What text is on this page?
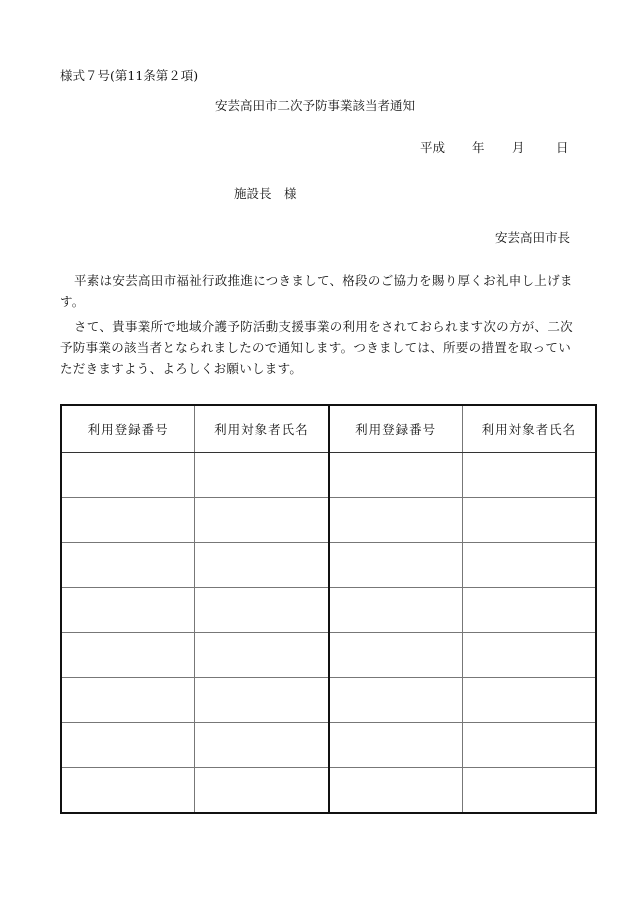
様式７号(第11条第２項)
安芸高田市二次予防事業該当者通知
平成 年 月	日
施設長　様
安芸高田市長
平素は安芸高田市福祉行政推進につきまして、格段のご協力を賜り厚くお礼申し上げます。
さて、貴事業所で地域介護予防活動支援事業の利用をされておられます次の方が、二次予防事業の該当者となられましたので通知します。つきましては、所要の措置を取っていただきますよう、よろしくお願いします。
利用登録番号	利用対象者氏名	利用登録番号	利用対象者氏名
